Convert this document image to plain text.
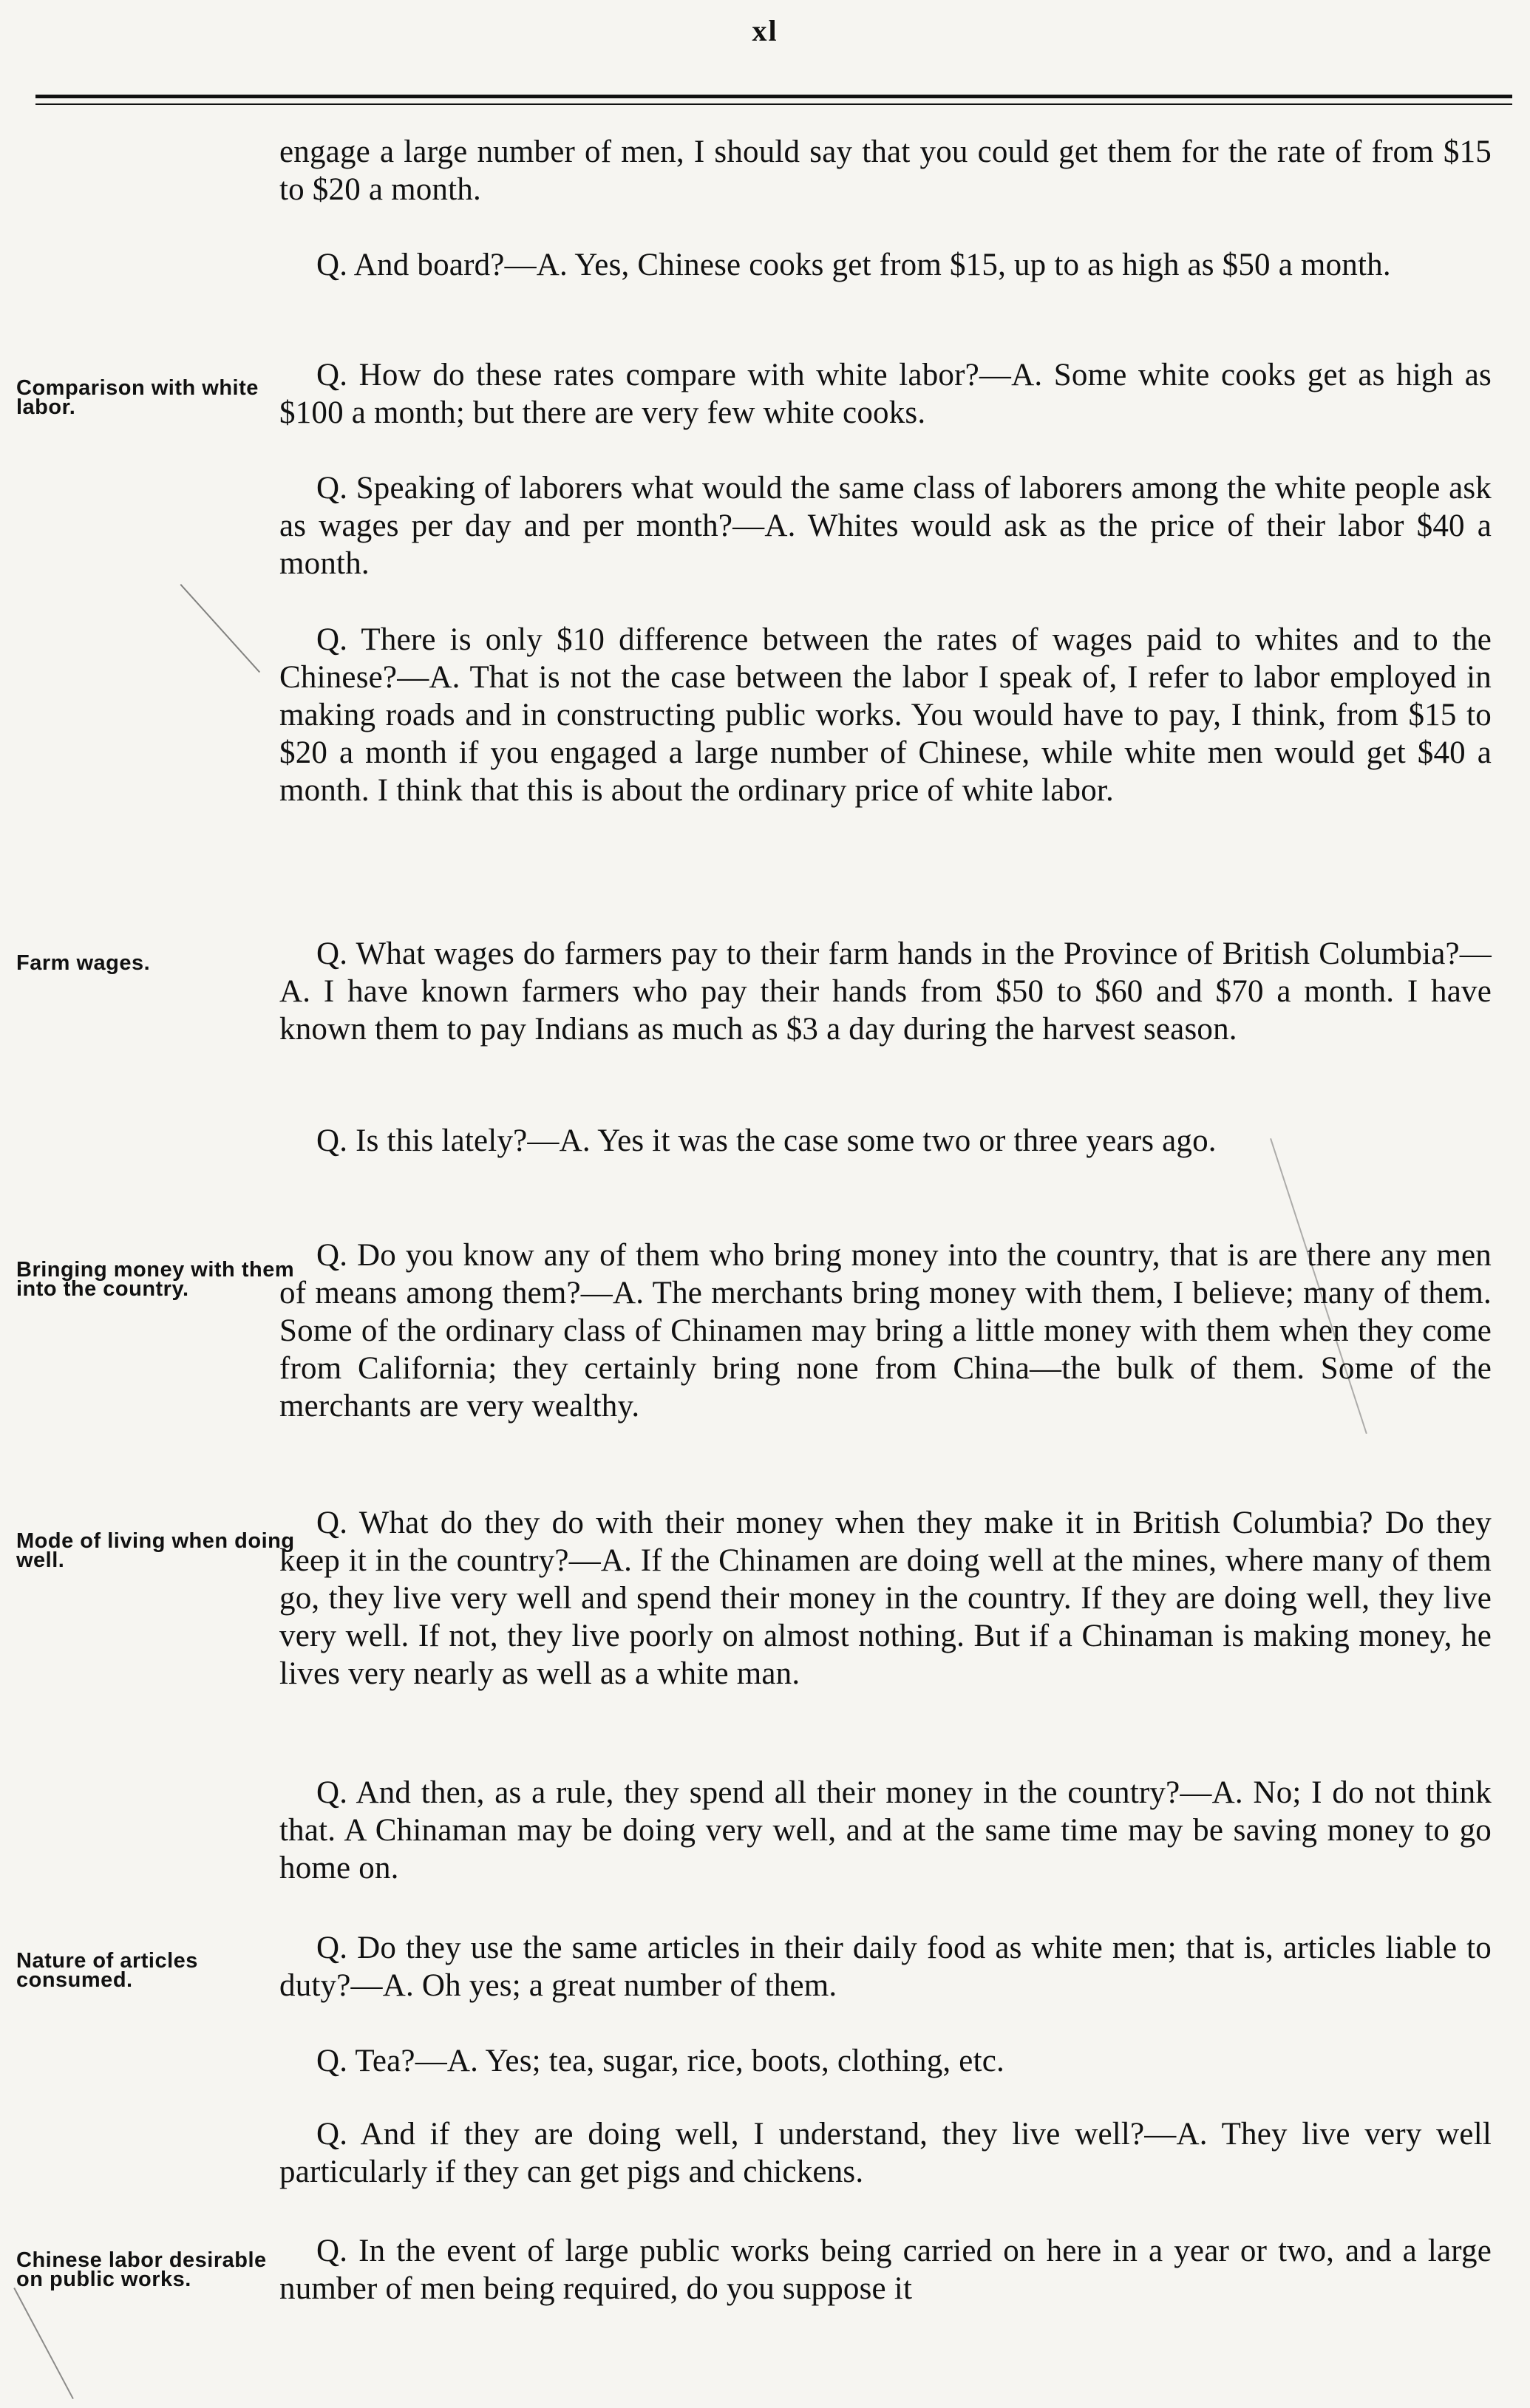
xl
engage a large number of men, I should say that you could get them for the rate of from $15 to $20 a month.
Q. And board?—A. Yes, Chinese cooks get from $15, up to as high as $50 a month.
Comparison with white labor.
Q. How do these rates compare with white labor?—A. Some white cooks get as high as $100 a month; but there are very few white cooks.
Q. Speaking of laborers what would the same class of laborers among the white people ask as wages per day and per month?—A. Whites would ask as the price of their labor $40 a month.
Q. There is only $10 difference between the rates of wages paid to whites and to the Chinese?—A. That is not the case between the labor I speak of, I refer to labor employed in making roads and in constructing public works. You would have to pay, I think, from $15 to $20 a month if you engaged a large number of Chinese, while white men would get $40 a month. I think that this is about the ordinary price of white labor.
Farm wages.	Q. What wages do farmers pay to their farm hands in the Province of British Columbia?—A. I have known farmers who pay their hands from $50 to $60 and $70 a month. I have known them to pay Indians as much as $3 a day during the harvest season.
Q. Is this lately?—A. Yes it was the case some two or three years ago.
Bringing money with them into the country.
Q. Do you know any of them who bring money into the country, that is are there any men of means among them?—A. The merchants bring money with them, I believe; many of them. Some of the ordinary class of Chinamen may bring a little money with them when they come from California; they certainly bring none from China—the bulk of them. Some of the merchants are very wealthy.
Mode of living when doing well.
Q. What do they do with their money when they make it in British Columbia? Do they keep it in the country?—A. If the Chinamen are doing well at the mines, where many of them go, they live very well and spend their money in the country. If they are doing well, they live very well. If not, they live poorly on almost nothing. But if a Chinaman is making money, he lives very nearly as well as a white man.
Q. And then, as a rule, they spend all their money in the country?—A. No; I do not think that. A Chinaman may be doing very well, and at the same time may be saving money to go home on.
Nature of articles consumed.
Q. Do they use the same articles in their daily food as white men; that is, articles liable to duty?—A. Oh yes; a great number of them.
Q. Tea?—A. Yes; tea, sugar, rice, boots, clothing, etc.
Q. And if they are doing well, I understand, they live well?—A. They live very well particularly if they can get pigs and chickens.
Chinese labor desirable on public works.
Q. In the event of large public works being carried on here in a year or two, and a large number of men being required, do you suppose it
